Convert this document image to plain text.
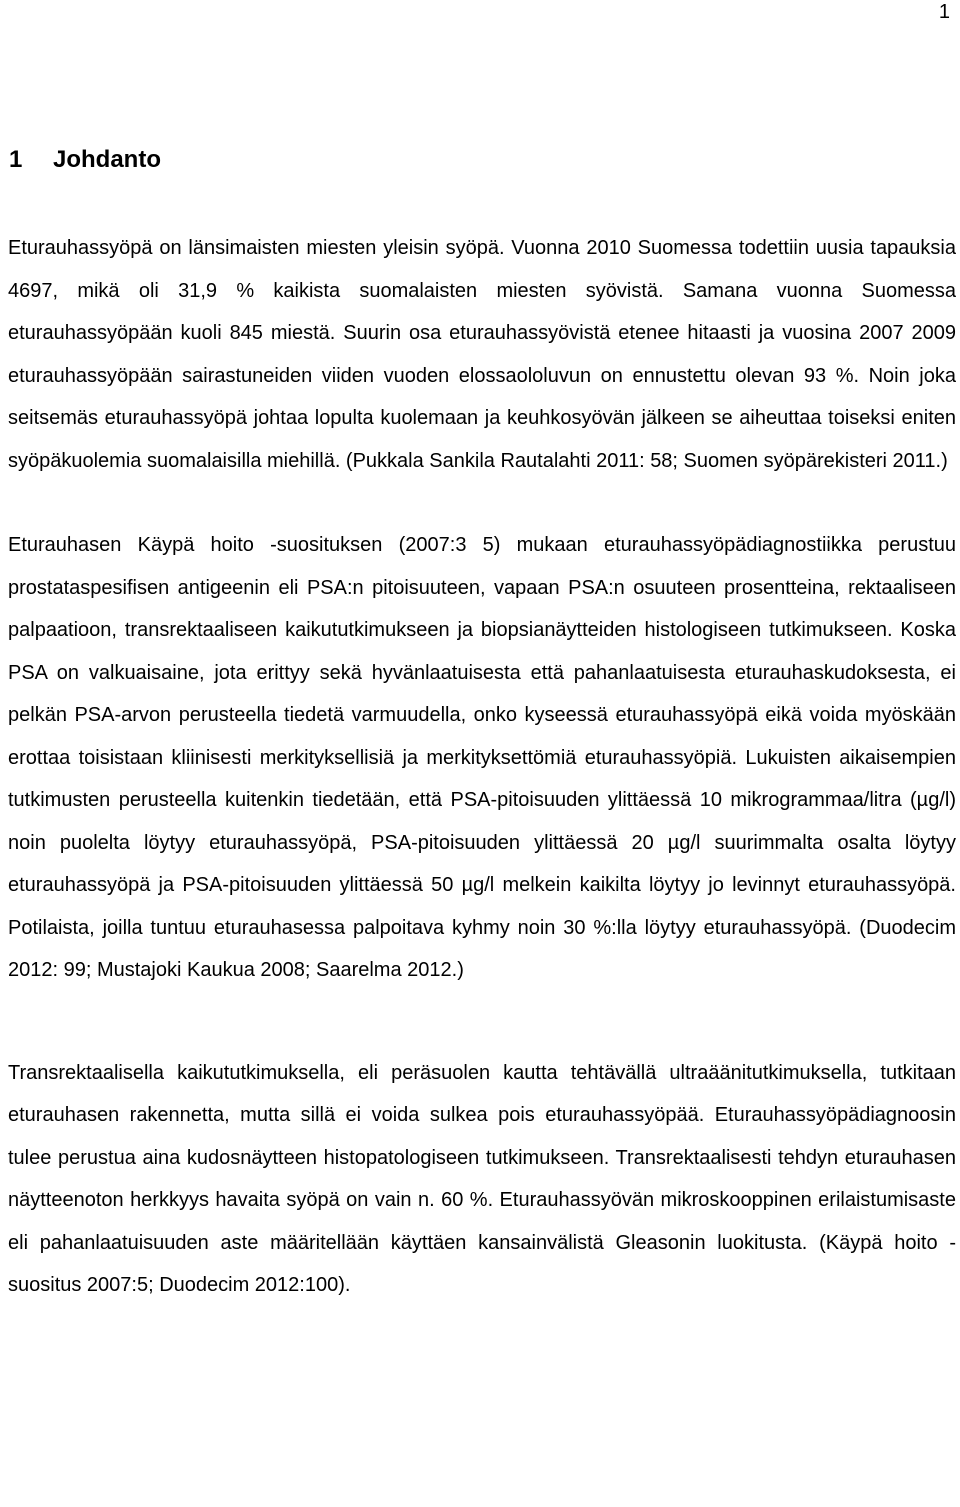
1
1 Johdanto

Eturauhassyöpä on länsimaisten miesten yleisin syöpä. Vuonna 2010 Suomessa todettiin uusia tapauksia 4697, mikä oli 31,9 % kaikista suomalaisten miesten syövistä. Samana vuonna Suomessa eturauhassyöpään kuoli 845 miestä. Suurin osa eturauhassyövistä etenee hitaasti ja vuosina 2007 2009 eturauhassyöpään sairastuneiden viiden vuoden elossaololuvun on ennustettu olevan 93 %. Noin joka seitsemäs eturauhassyöpä johtaa lopulta kuolemaan ja keuhkosyövän jälkeen se aiheuttaa toiseksi eniten syöpäkuolemia suomalaisilla miehillä. (Pukkala Sankila Rautalahti 2011: 58; Suomen syöpärekisteri 2011.)

Eturauhasen Käypä hoito -suosituksen (2007:3 5) mukaan eturauhassyöpädiagnostiikka perustuu prostataspesifisen antigeenin eli PSA:n pitoisuuteen, vapaan PSA:n osuuteen prosentteina, rektaaliseen palpaatioon, transrektaaliseen kaikututkimukseen ja biopsianäytteiden histologiseen tutkimukseen. Koska PSA on valkuaisaine, jota erittyy sekä hyvänlaatuisesta että pahanlaatuisesta eturauhaskudoksesta, ei pelkän PSA-arvon perusteella tiedetä varmuudella, onko kyseessä eturauhassyöpä eikä voida myöskään erottaa toisistaan kliinisesti merkityksellisiä ja merkityksettömiä eturauhassyöpiä. Lukuisten aikaisempien tutkimusten perusteella kuitenkin tiedetään, että PSA-pitoisuuden ylittäessä 10 mikrogrammaa/litra (µg/l) noin puolelta löytyy eturauhassyöpä, PSA-pitoisuuden ylittäessä 20 µg/l suurimmalta osalta löytyy eturauhassyöpä ja PSA-pitoisuuden ylittäessä 50 µg/l melkein kaikilta löytyy jo levinnyt eturauhassyöpä. Potilaista, joilla tuntuu eturauhasessa palpoitava kyhmy noin 30 %:lla löytyy eturauhassyöpä. (Duodecim 2012: 99; Mustajoki Kaukua 2008; Saarelma 2012.)

Transrektaalisella kaikututkimuksella, eli peräsuolen kautta tehtävällä ultraäänitutkimuksella, tutkitaan eturauhasen rakennetta, mutta sillä ei voida sulkea pois eturauhassyöpää. Eturauhassyöpädiagnoosin tulee perustua aina kudosnäytteen histopatologiseen tutkimukseen. Transrektaalisesti tehdyn eturauhasen näytteenoton herkkyys havaita syöpä on vain n. 60 %. Eturauhassyövän mikroskooppinen erilaistumisaste eli pahanlaatuisuuden aste määritellään käyttäen kansainvälistä Gleasonin luokitusta. (Käypä hoito -suositus 2007:5; Duodecim 2012:100).
